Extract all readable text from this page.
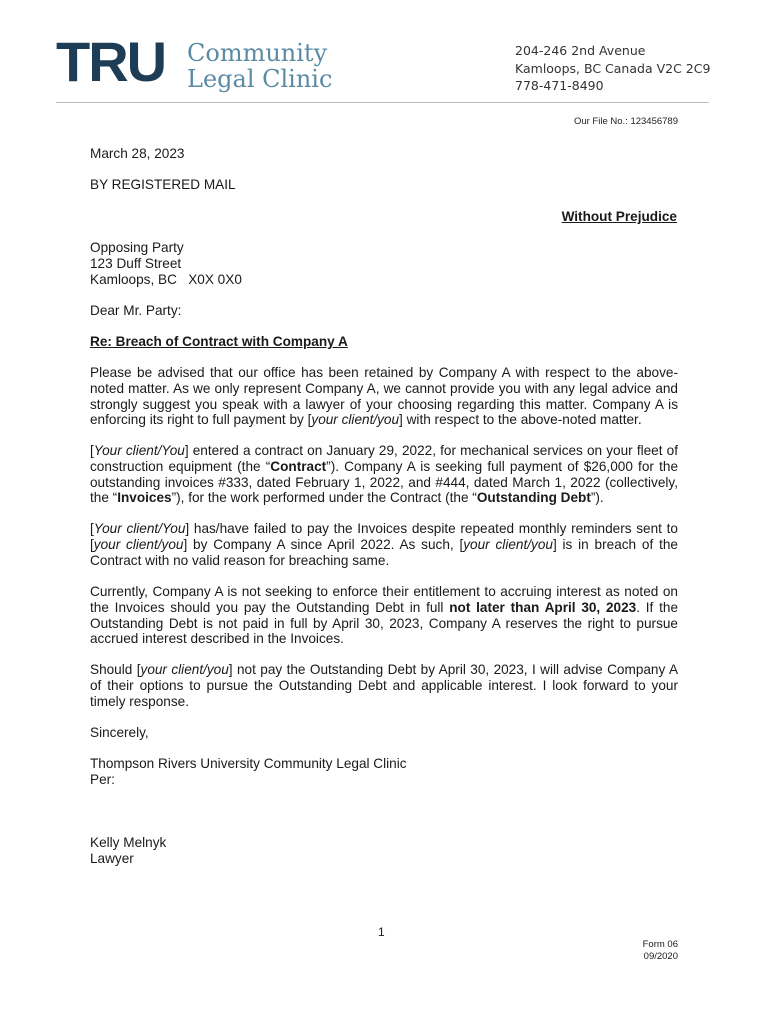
TRU Community
Legal Clinic
204-246 2nd Avenue
Kamloops, BC Canada V2C 2C9
778-471-8490
Our File No.: 123456789
March 28, 2023
BY REGISTERED MAIL
Without Prejudice
Opposing Party
123 Duff Street
Kamloops, BC   X0X 0X0
Dear Mr. Party:
Re: Breach of Contract with Company A

Please be advised that our office has been retained by Company A with respect to the above-noted matter. As we only represent Company A, we cannot provide you with any legal advice and strongly suggest you speak with a lawyer of your choosing regarding this matter. Company A is enforcing its right to full payment by [your client/you] with respect to the above-noted matter.

[Your client/You] entered a contract on January 29, 2022, for mechanical services on your fleet of construction equipment (the “Contract”). Company A is seeking full payment of $26,000 for the outstanding invoices #333, dated February 1, 2022, and #444, dated March 1, 2022 (collectively, the “Invoices”), for the work performed under the Contract (the “Outstanding Debt”).

[Your client/You] has/have failed to pay the Invoices despite repeated monthly reminders sent to [your client/you] by Company A since April 2022. As such, [your client/you] is in breach of the Contract with no valid reason for breaching same.

Currently, Company A is not seeking to enforce their entitlement to accruing interest as noted on the Invoices should you pay the Outstanding Debt in full not later than April 30, 2023. If the Outstanding Debt is not paid in full by April 30, 2023, Company A reserves the right to pursue accrued interest described in the Invoices.

Should [your client/you] not pay the Outstanding Debt by April 30, 2023, I will advise Company A of their options to pursue the Outstanding Debt and applicable interest. I look forward to your timely response.

Sincerely,
Thompson Rivers University Community Legal Clinic
Per:
Kelly Melnyk
Lawyer
1
Form 06
09/2020
